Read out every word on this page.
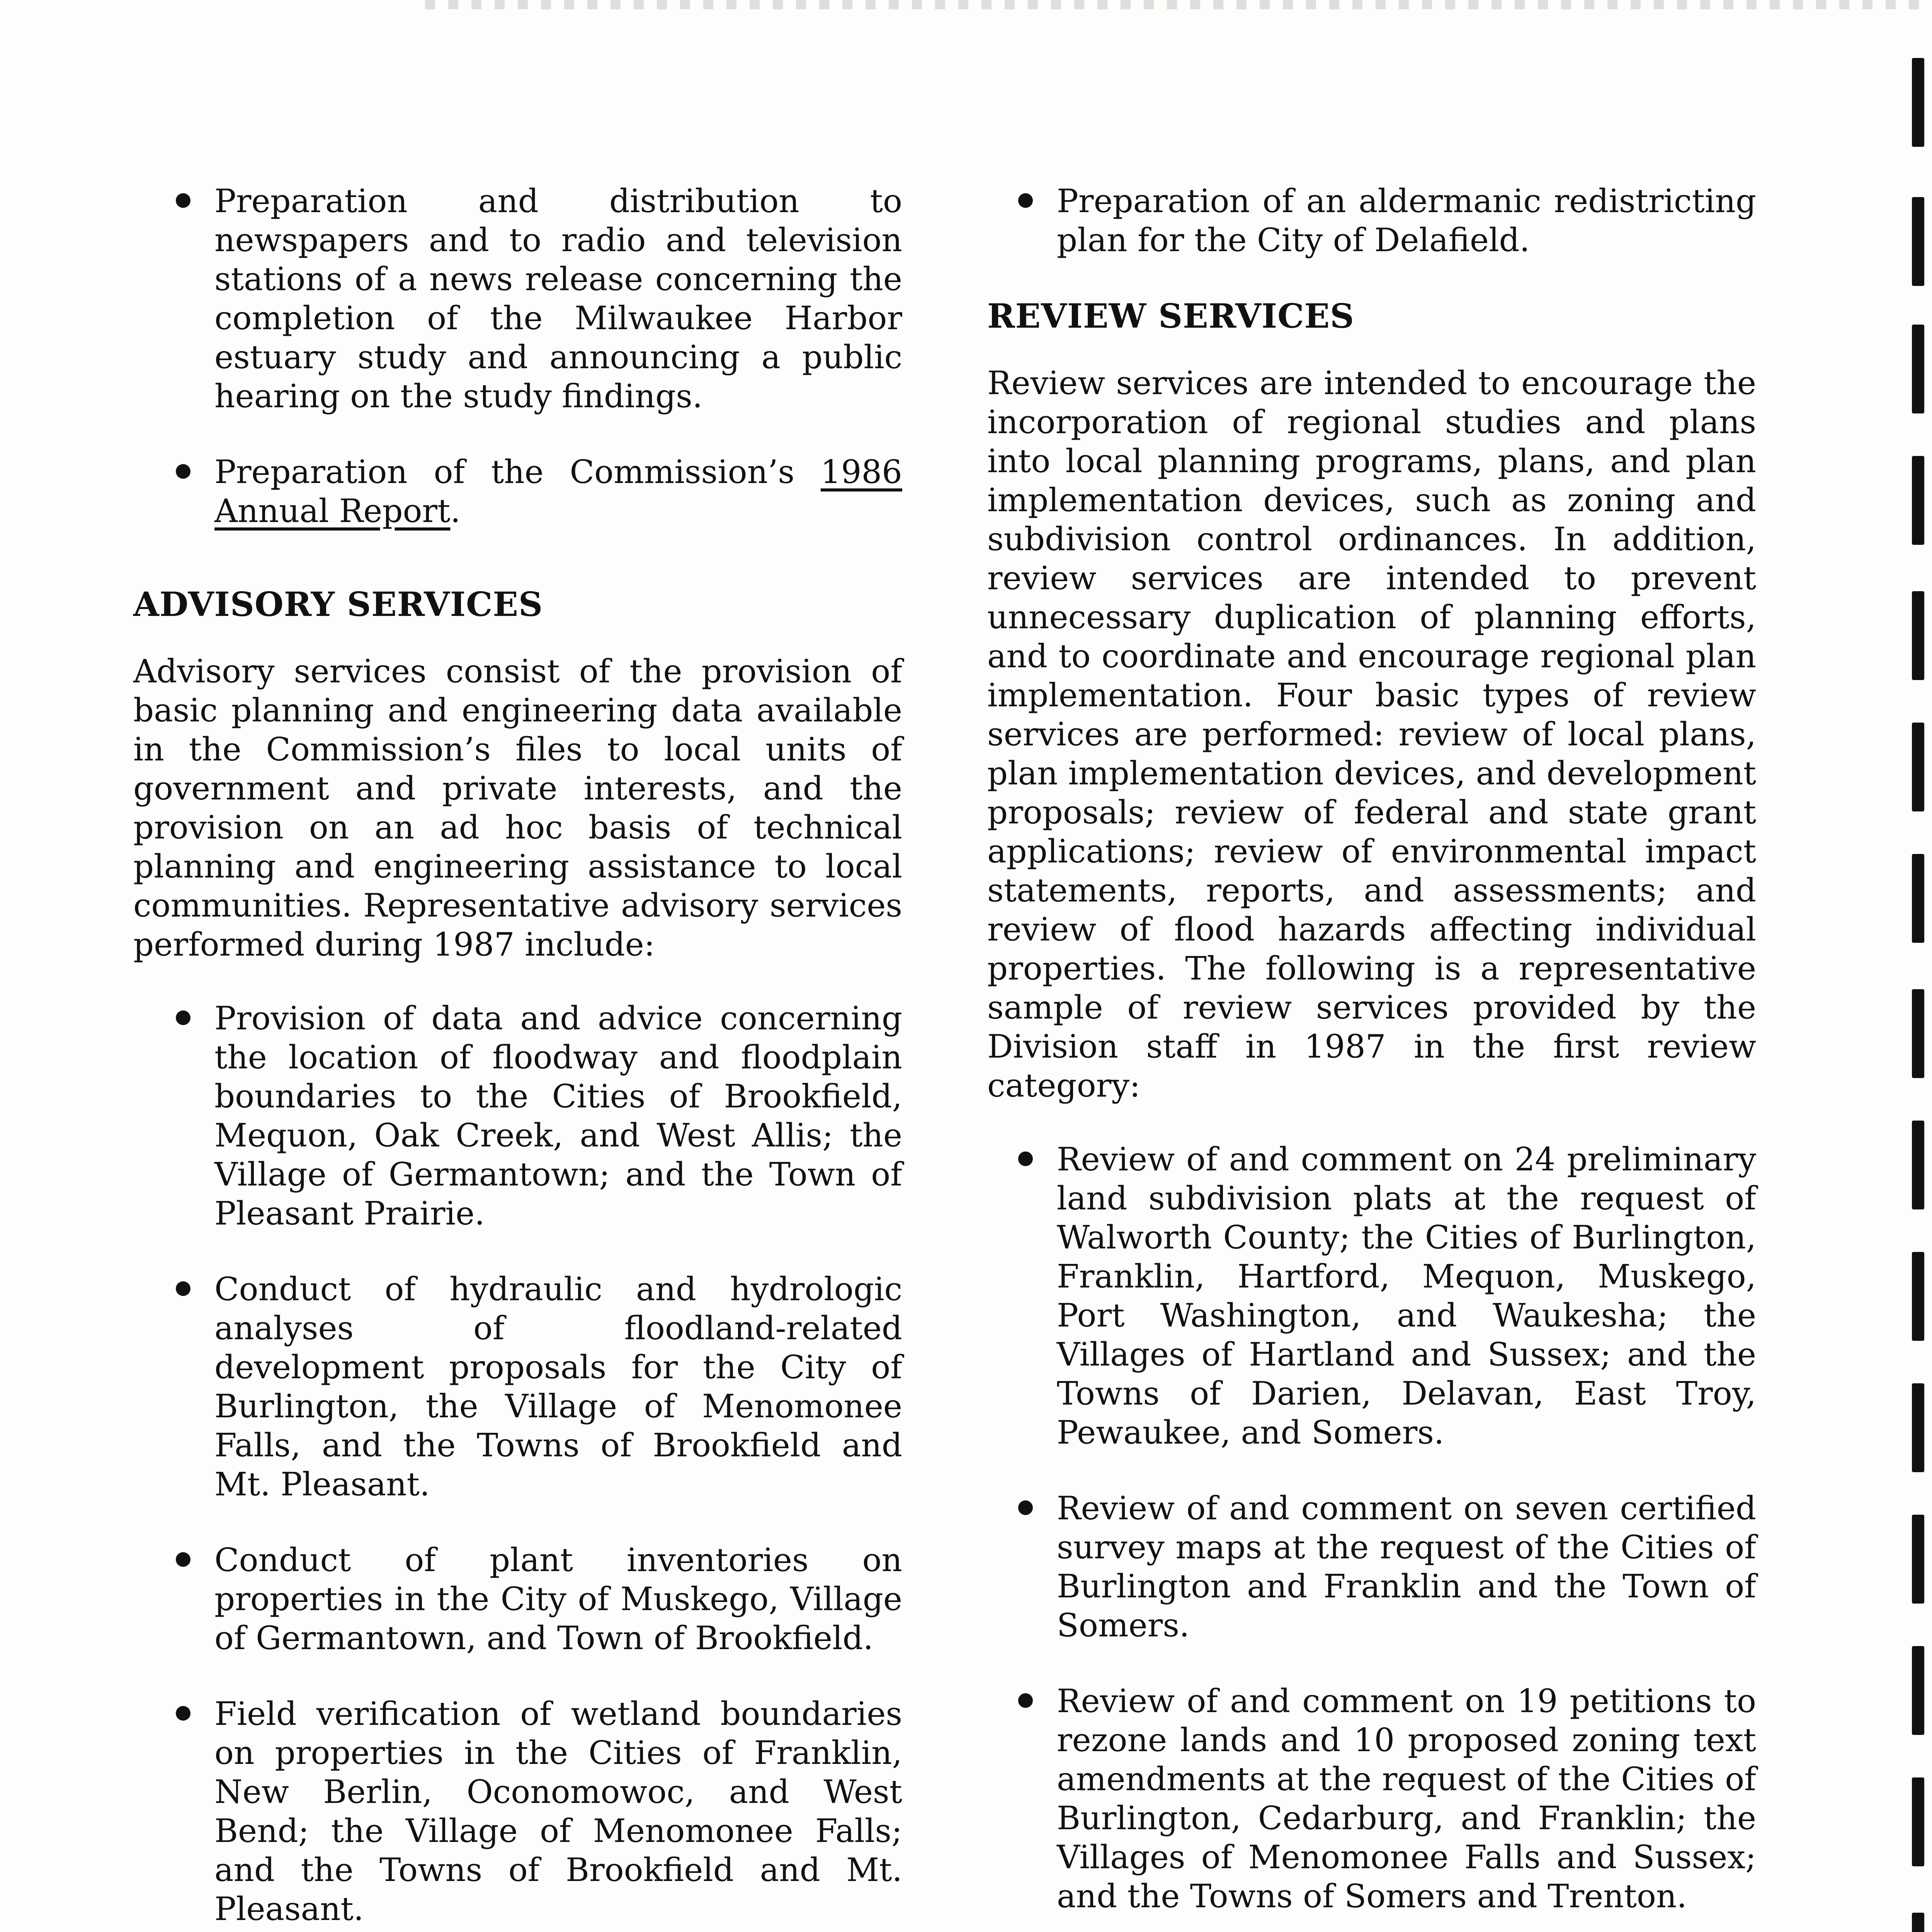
Preparation and distribution to newspapers and to radio and television stations of a news release concerning the completion of the Milwaukee Harbor estuary study and announcing a public hearing on the study findings.
Preparation of the Commission’s 1986 Annual Report.
ADVISORY SERVICES

Advisory services consist of the provision of basic planning and engineering data available in the Commission’s files to local units of government and private interests, and the provision on an ad hoc basis of technical planning and engineering assistance to local communities. Representative advisory services performed during 1987 include:

Provision of data and advice concerning the location of floodway and floodplain boundaries to the Cities of Brookfield, Mequon, Oak Creek, and West Allis; the Village of Germantown; and the Town of Pleasant Prairie.
Conduct of hydraulic and hydrologic analyses of floodland-related development proposals for the City of Burlington, the Village of Menomonee Falls, and the Towns of Brookfield and Mt. Pleasant.
Conduct of plant inventories on properties in the City of Muskego, Village of Germantown, and Town of Brookfield.
Field verification of wetland boundaries on properties in the Cities of Franklin, New Berlin, Oconomowoc, and West Bend; the Village of Menomonee Falls; and the Towns of Brookfield and Mt. Pleasant.
Preparation of an aldermanic redistricting plan for the City of Delafield.
REVIEW SERVICES

Review services are intended to encourage the incorporation of regional studies and plans into local planning programs, plans, and plan implementation devices, such as zoning and subdivision control ordinances. In addition, review services are intended to prevent unnecessary duplication of planning efforts, and to coordinate and encourage regional plan implementation. Four basic types of review services are performed: review of local plans, plan implementation devices, and development proposals; review of federal and state grant applications; review of environmental impact statements, reports, and assessments; and review of flood hazards affecting individual properties. The following is a representative sample of review services provided by the Division staff in 1987 in the first review category:

Review of and comment on 24 preliminary land subdivision plats at the request of Walworth County; the Cities of Burlington, Franklin, Hartford, Mequon, Muskego, Port Washington, and Waukesha; the Villages of Hartland and Sussex; and the Towns of Darien, Delavan, East Troy, Pewaukee, and Somers.
Review of and comment on seven certified survey maps at the request of the Cities of Burlington and Franklin and the Town of Somers.
Review of and comment on 19 petitions to rezone lands and 10 proposed zoning text amendments at the request of the Cities of Burlington, Cedarburg, and Franklin; the Villages of Menomonee Falls and Sussex; and the Towns of Somers and Trenton.
